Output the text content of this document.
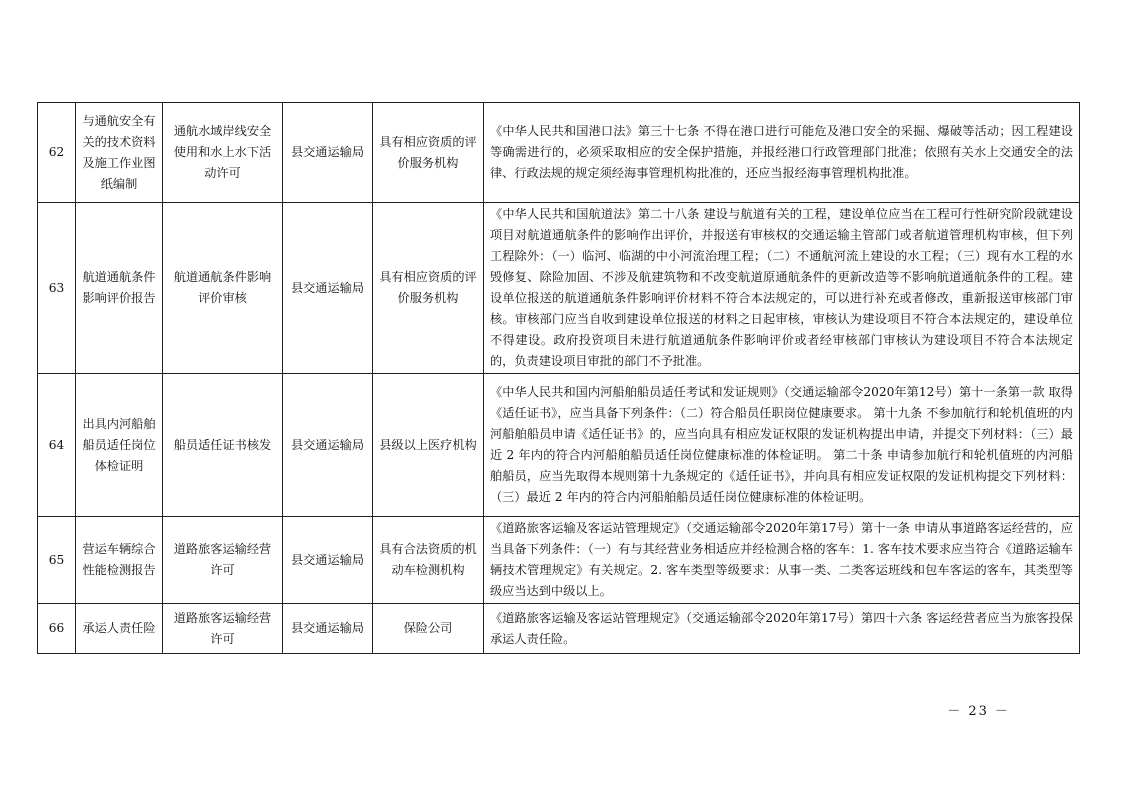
62	与通航安全有关的技术资料及施工作业图纸编制	通航水域岸线安全使用和水上水下活动许可	县交通运输局	具有相应资质的评价服务机构	《中华人民共和国港口法》第三十七条 不得在港口进行可能危及港口安全的采掘、爆破等活动；因工程建设等确需进行的，必须采取相应的安全保护措施，并报经港口行政管理部门批准；依照有关水上交通安全的法律、行政法规的规定须经海事管理机构批准的，还应当报经海事管理机构批准。
63	航道通航条件影响评价报告	航道通航条件影响评价审核	县交通运输局	具有相应资质的评价服务机构	《中华人民共和国航道法》第二十八条 建设与航道有关的工程，建设单位应当在工程可行性研究阶段就建设项目对航道通航条件的影响作出评价，并报送有审核权的交通运输主管部门或者航道管理机构审核，但下列工程除外：（一）临河、临湖的中小河流治理工程；（二）不通航河流上建设的水工程；（三）现有水工程的水毁修复、除险加固、不涉及航建筑物和不改变航道原通航条件的更新改造等不影响航道通航条件的工程。建设单位报送的航道通航条件影响评价材料不符合本法规定的，可以进行补充或者修改，重新报送审核部门审核。审核部门应当自收到建设单位报送的材料之日起审核，审核认为建设项目不符合本法规定的，建设单位不得建设。政府投资项目未进行航道通航条件影响评价或者经审核部门审核认为建设项目不符合本法规定的，负责建设项目审批的部门不予批准。
64	出具内河船舶船员适任岗位体检证明	船员适任证书核发	县交通运输局	县级以上医疗机构	《中华人民共和国内河船舶船员适任考试和发证规则》（交通运输部令2020年第12号）第十一条第一款 取得《适任证书》，应当具备下列条件：（二）符合船员任职岗位健康要求。 第十九条 不参加航行和轮机值班的内河船舶船员申请《适任证书》的，应当向具有相应发证权限的发证机构提出申请，并提交下列材料：（三）最近 2 年内的符合内河船舶船员适任岗位健康标准的体检证明。 第二十条 申请参加航行和轮机值班的内河船舶船员，应当先取得本规则第十九条规定的《适任证书》，并向具有相应发证权限的发证机构提交下列材料：（三）最近 2 年内的符合内河船舶船员适任岗位健康标准的体检证明。
65	营运车辆综合性能检测报告	道路旅客运输经营许可	县交通运输局	具有合法资质的机动车检测机构	《道路旅客运输及客运站管理规定》（交通运输部令2020年第17号）第十一条 申请从事道路客运经营的，应当具备下列条件：（一）有与其经营业务相适应并经检测合格的客车：1. 客车技术要求应当符合《道路运输车辆技术管理规定》有关规定。2. 客车类型等级要求：从事一类、二类客运班线和包车客运的客车，其类型等级应当达到中级以上。
66	承运人责任险	道路旅客运输经营许可	县交通运输局	保险公司	《道路旅客运输及客运站管理规定》（交通运输部令2020年第17号）第四十六条 客运经营者应当为旅客投保承运人责任险。
－ 23 －
